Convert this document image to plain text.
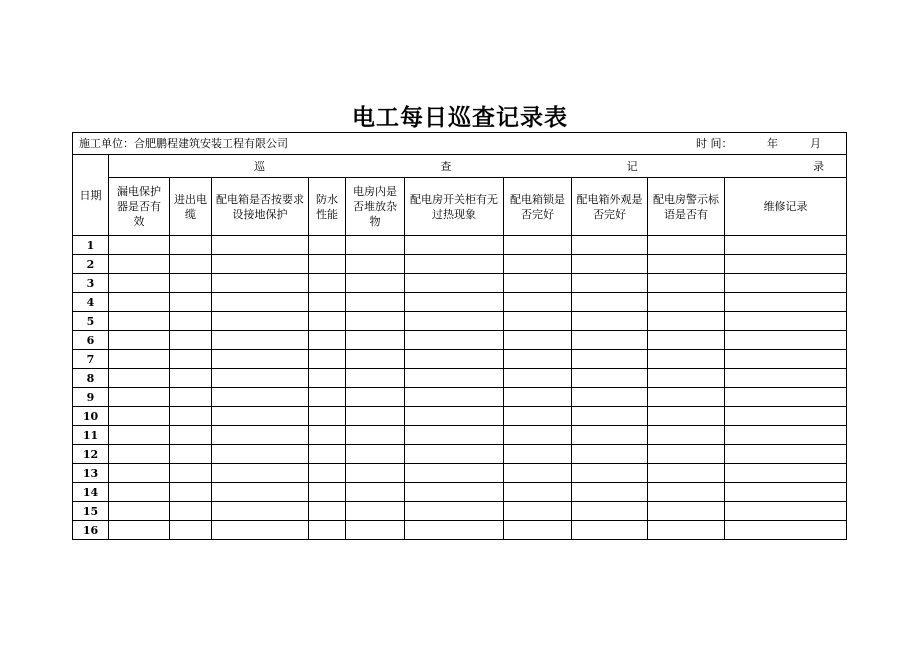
电工每日巡查记录表
施工单位：合肥鹏程建筑安装工程有限公司 时 间： 年 月										

日期	巡 查 记 录									

	漏电保护器是否有效	进出电缆	配电箱是否按要求设接地保护	防水性能	电房内是否堆放杂物	配电房开关柜有无过热现象	配电箱锁是否完好	配电箱外观是否完好	配电房警示标语是否有	维修记录
1										
2										
3										
4										
5										
6										
7										
8										
9										
10										
11										
12										
13										
14										
15										
16										
